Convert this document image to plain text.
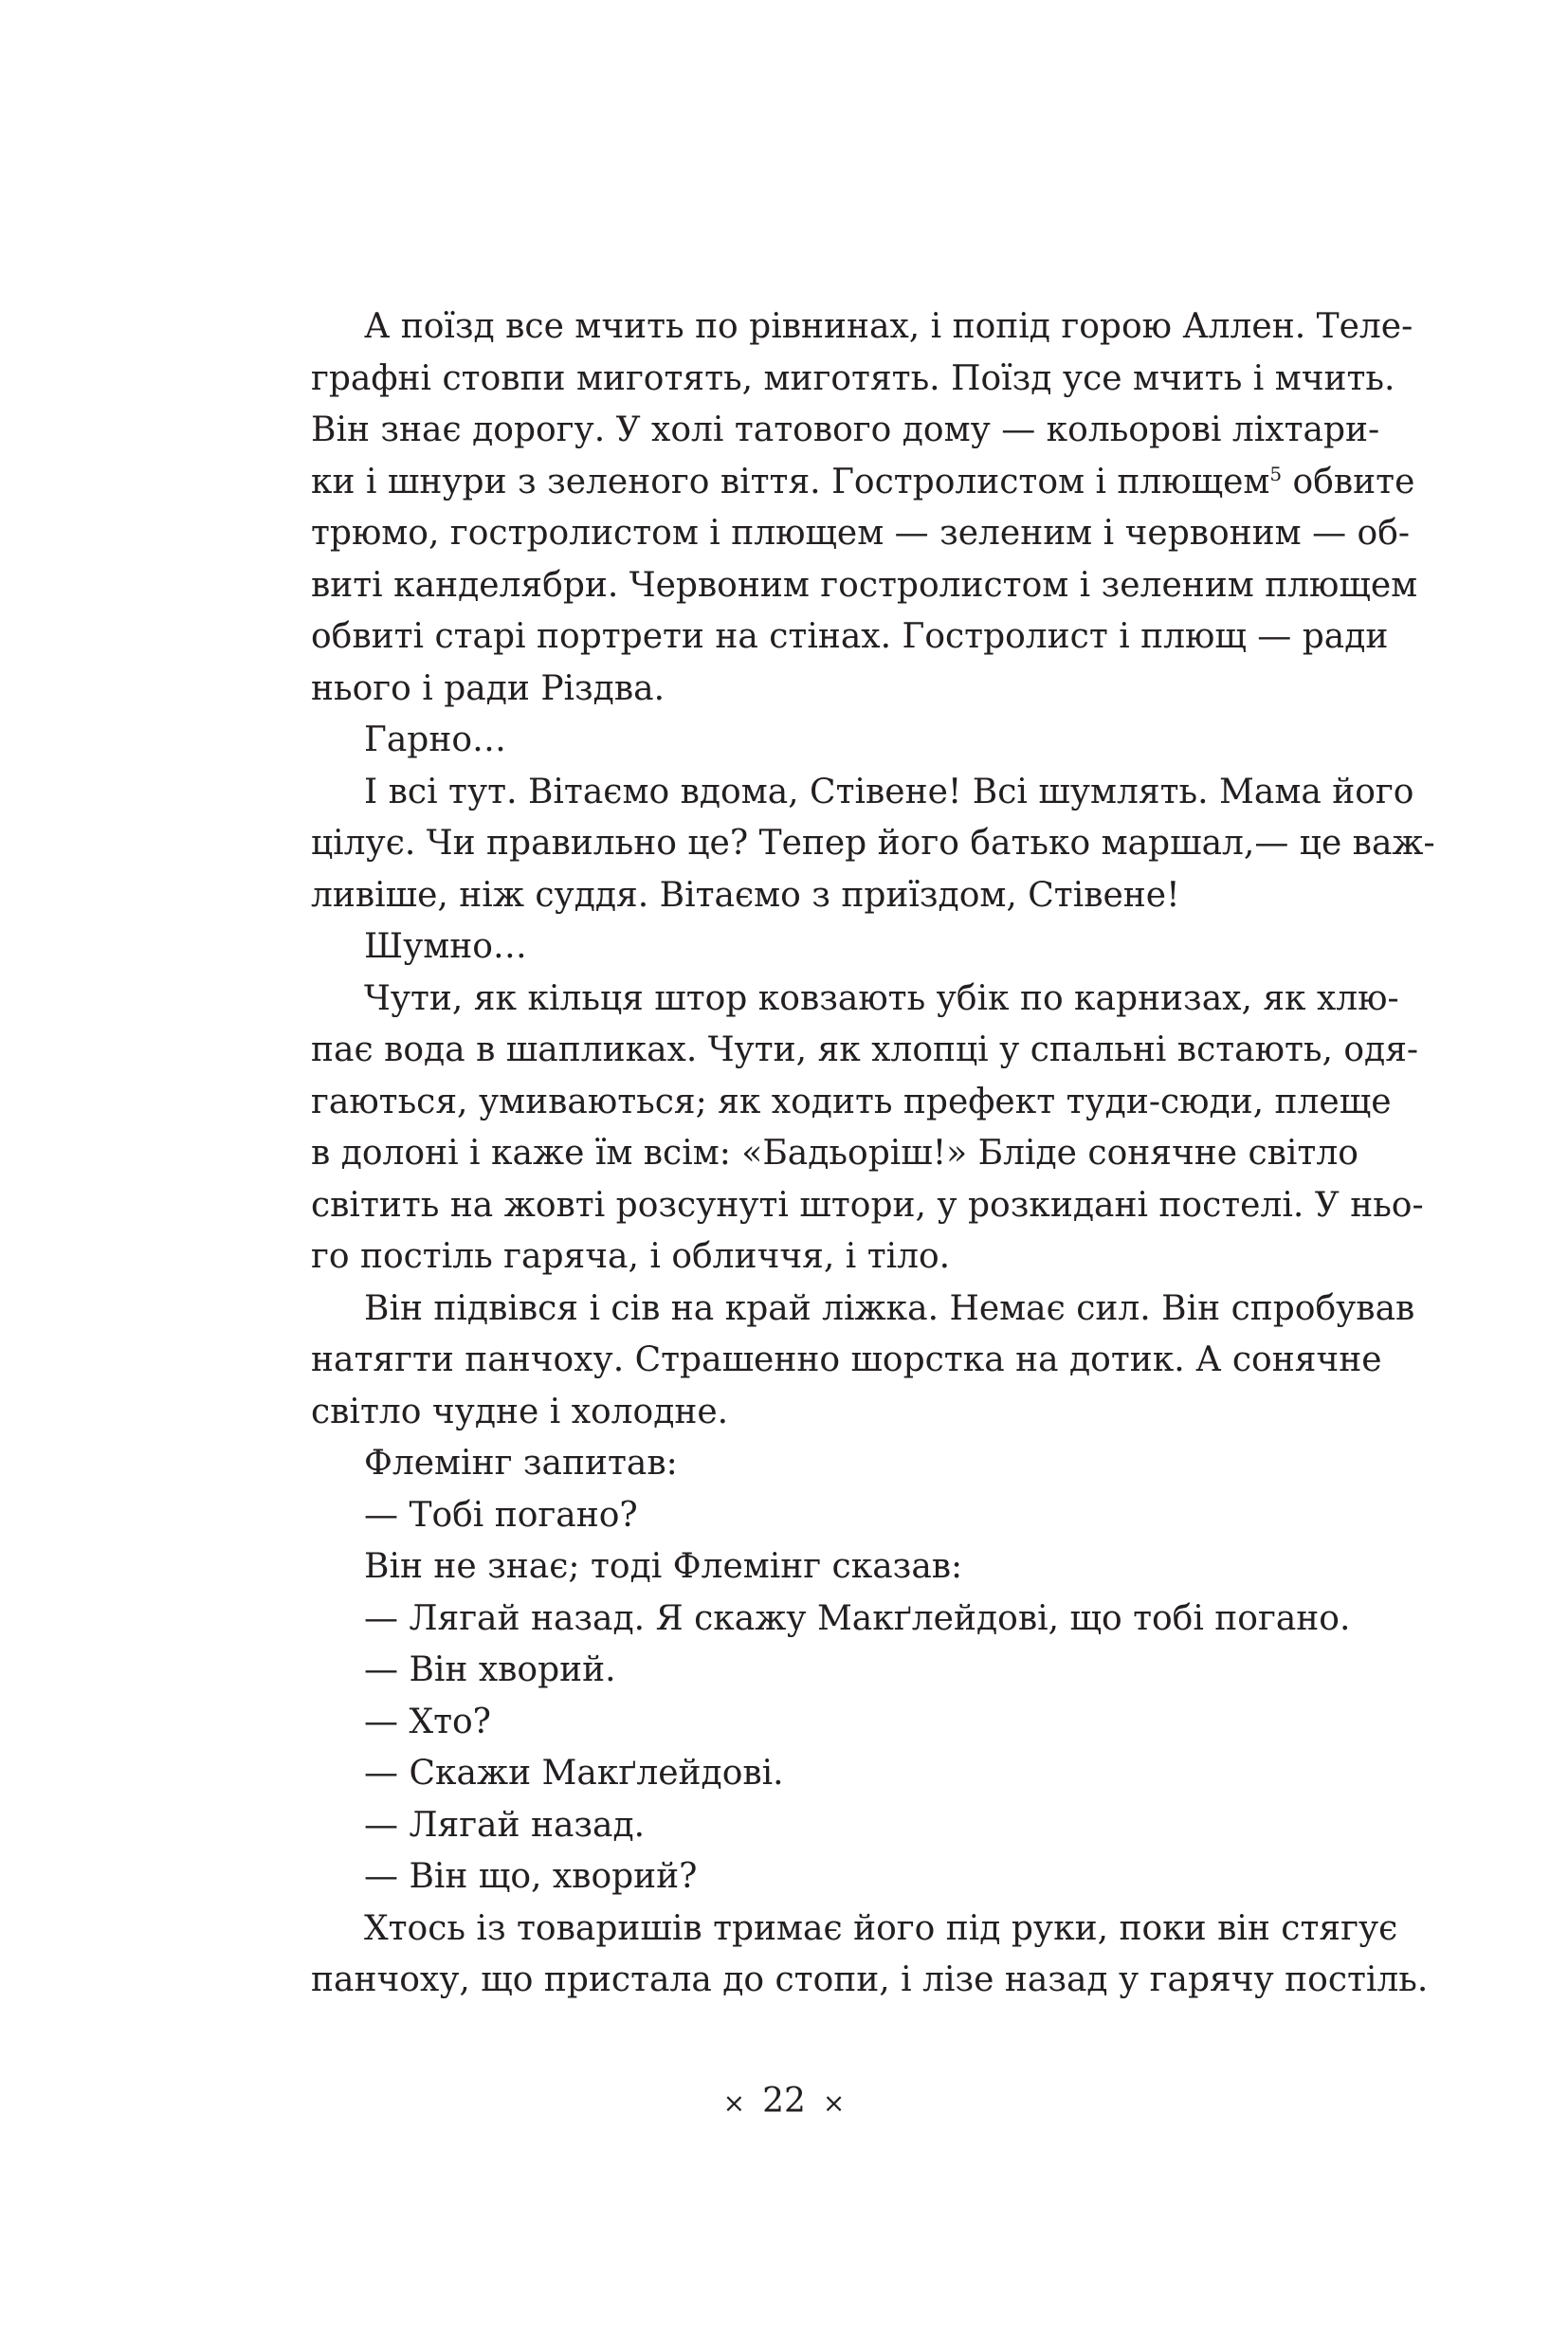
А поїзд все мчить по рівнинах, і попід горою Аллен. Теле-
графні стовпи миготять, миготять. Поїзд усе мчить і мчить.
Він знає дорогу. У холі татового дому — кольорові ліхтари-
ки і шнури з зеленого віття. Гостролистом і плющем$^5$ обвите
трюмо, гостролистом і плющем — зеленим і червоним — об-
виті канделябри. Червоним гостролистом і зеленим плющем
обвиті старі портрети на стінах. Гостролист і плющ — ради
нього і ради Різдва.
Гарно…
І всі тут. Вітаємо вдома, Стівене! Всі шумлять. Мама його
цілує. Чи правильно це? Тепер його батько маршал,— це важ-
ливіше, ніж суддя. Вітаємо з приїздом, Стівене!
Шумно…
Чути, як кільця штор ковзають убік по карнизах, як хлю-
пає вода в шапликах. Чути, як хлопці у спальні встають, одя-
гаються, умиваються; як ходить префект туди-сюди, плеще
в долоні і каже їм всім: «Бадьоріш!» Бліде сонячне світло
світить на жовті розсунуті штори, у розкидані постелі. У ньо-
го постіль гаряча, і обличчя, і тіло.
Він підвівся і сів на край ліжка. Немає сил. Він спробував
натягти панчоху. Страшенно шорстка на дотик. А сонячне
світло чудне і холодне.
Флемінг запитав:
— Тобі погано?
Він не знає; тоді Флемінг сказав:
— Лягай назад. Я скажу Макґлейдові, що тобі погано.
— Він хворий.
— Хто?
— Скажи Макґлейдові.
— Лягай назад.
— Він що, хворий?
Хтось із товаришів тримає його під руки, поки він стягує
панчоху, що пристала до стопи, і лізе назад у гарячу постіль.
× 22 ×
